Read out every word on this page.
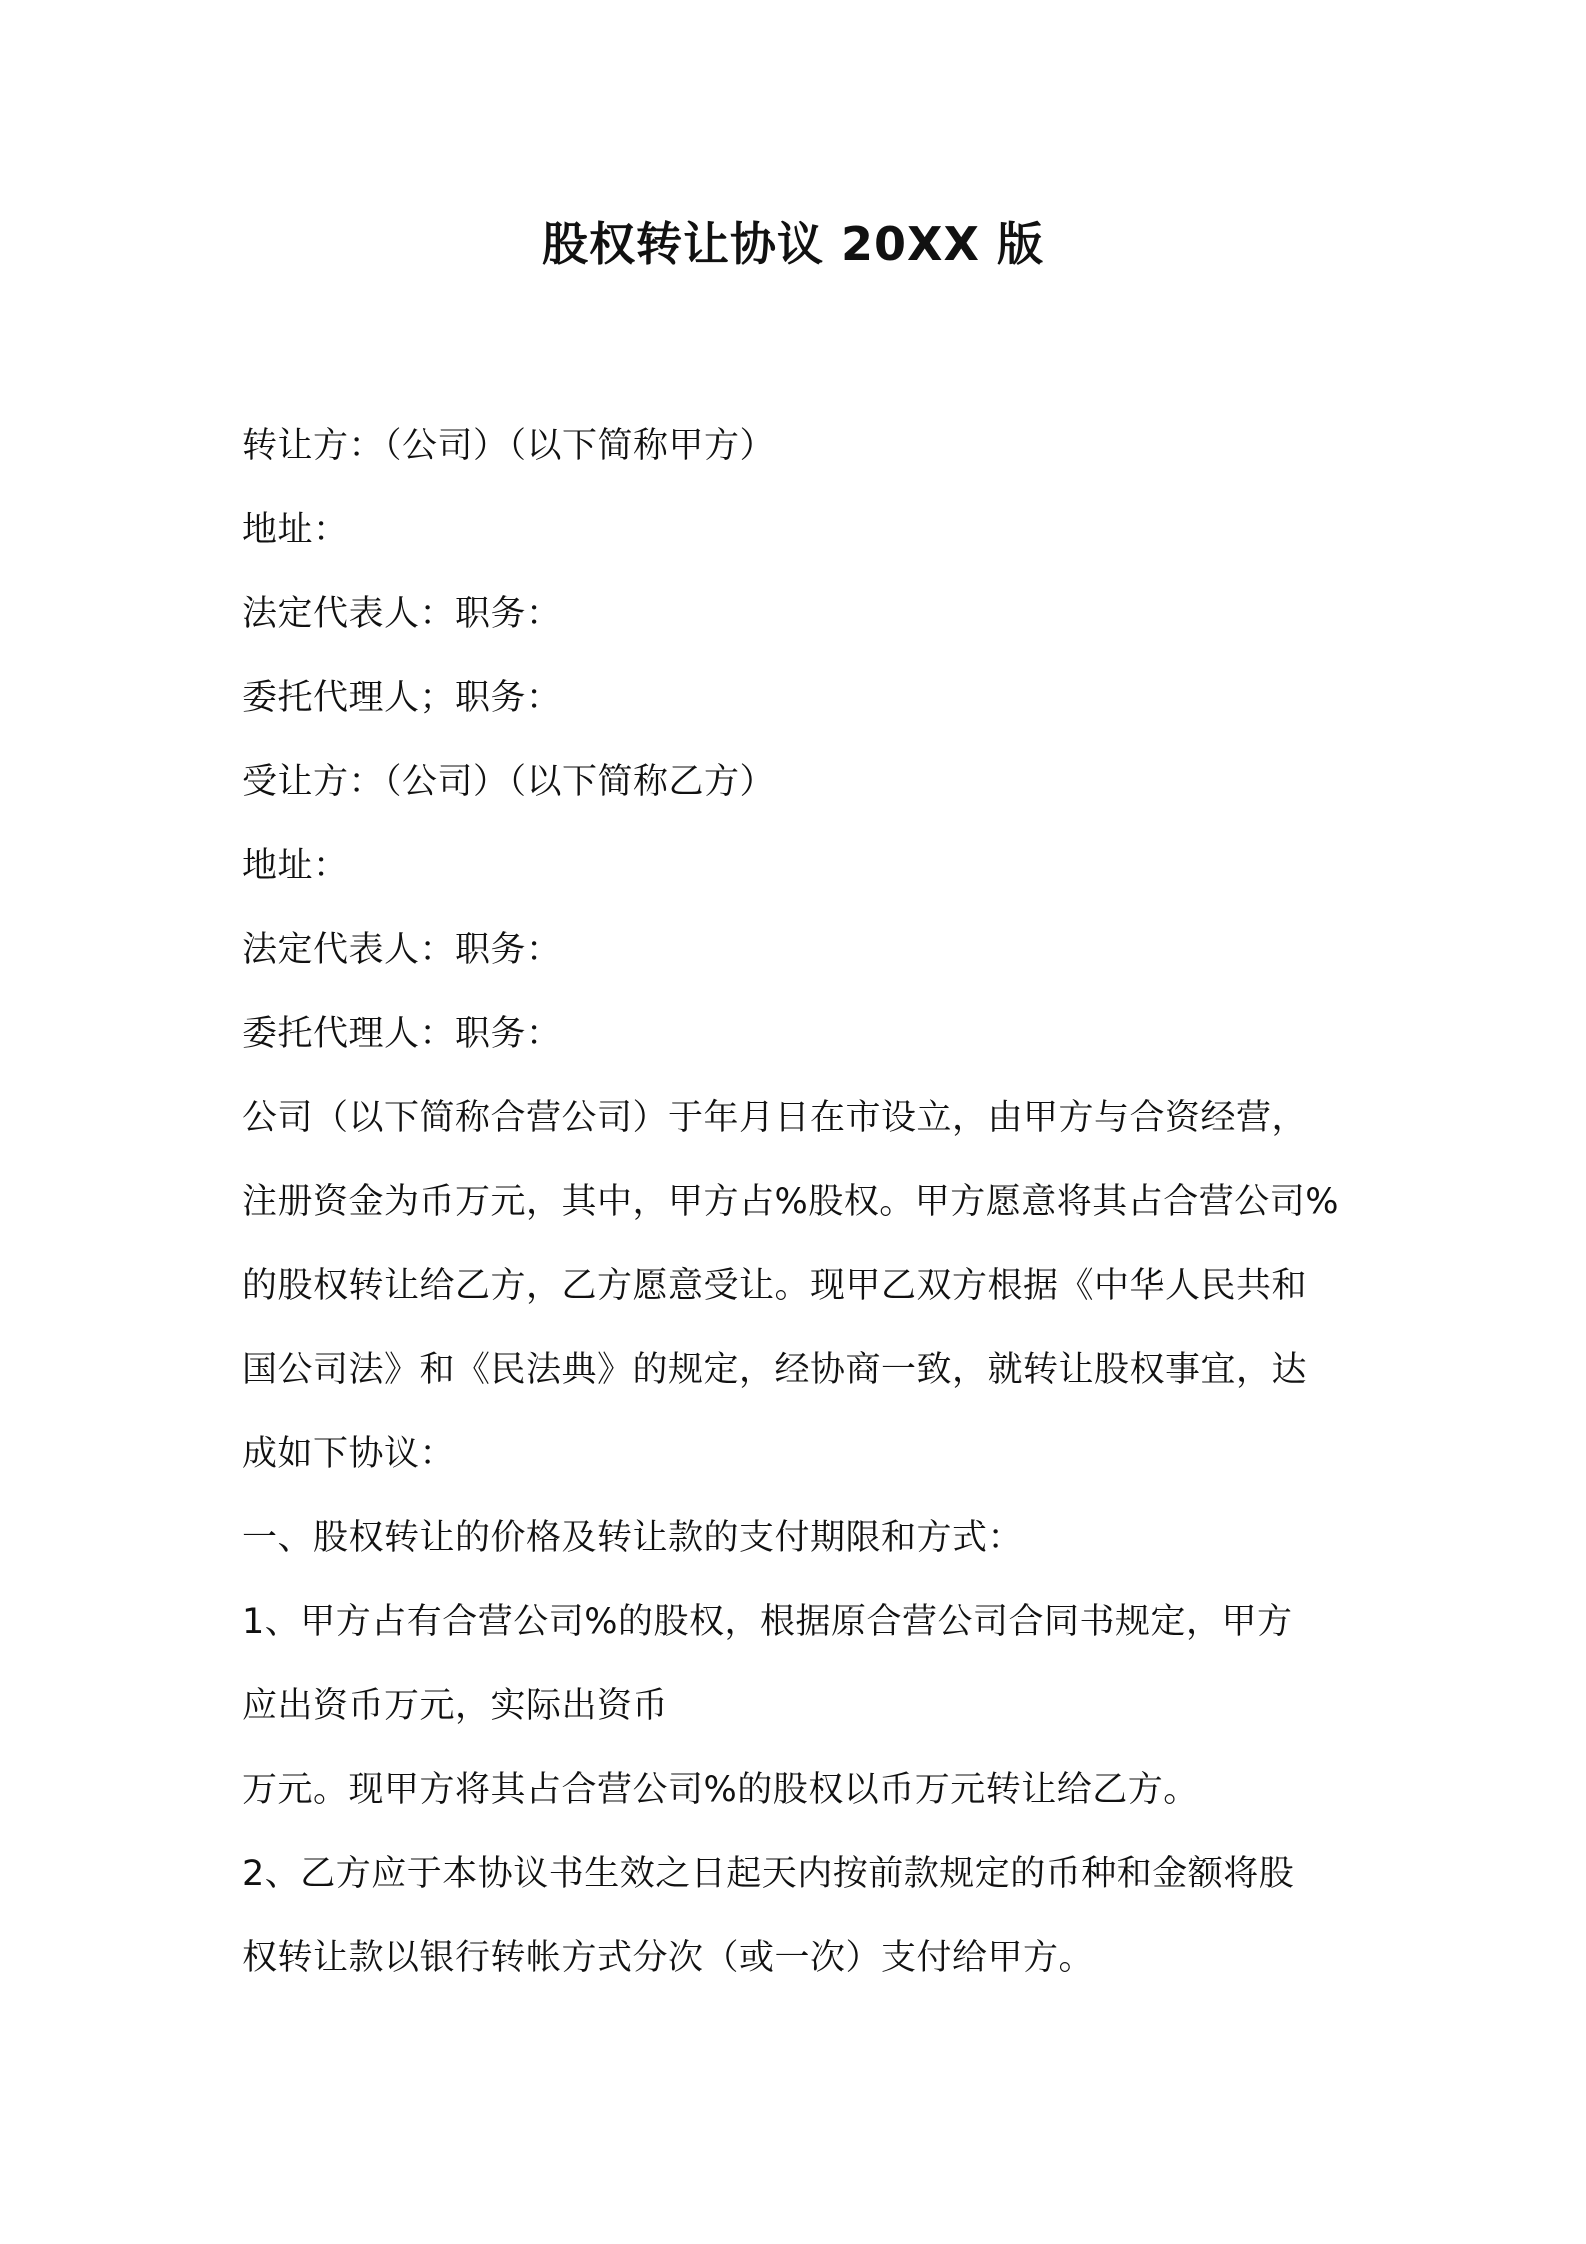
股权转让协议 20XX 版

转让方：（公司）（以下简称甲方）

地址：

法定代表人：职务：

委托代理人；职务：

受让方：（公司）（以下简称乙方）

地址：

法定代表人：职务：

委托代理人：职务：

公司（以下简称合营公司）于年月日在市设立，由甲方与合资经营，

注册资金为币万元，其中，甲方占%股权。甲方愿意将其占合营公司%

的股权转让给乙方，乙方愿意受让。现甲乙双方根据《中华人民共和

国公司法》和《民法典》的规定，经协商一致，就转让股权事宜，达

成如下协议：

一、股权转让的价格及转让款的支付期限和方式：

1、甲方占有合营公司%的股权，根据原合营公司合同书规定，甲方

应出资币万元，实际出资币

万元。现甲方将其占合营公司%的股权以币万元转让给乙方。

2、乙方应于本协议书生效之日起天内按前款规定的币种和金额将股

权转让款以银行转帐方式分次（或一次）支付给甲方。
